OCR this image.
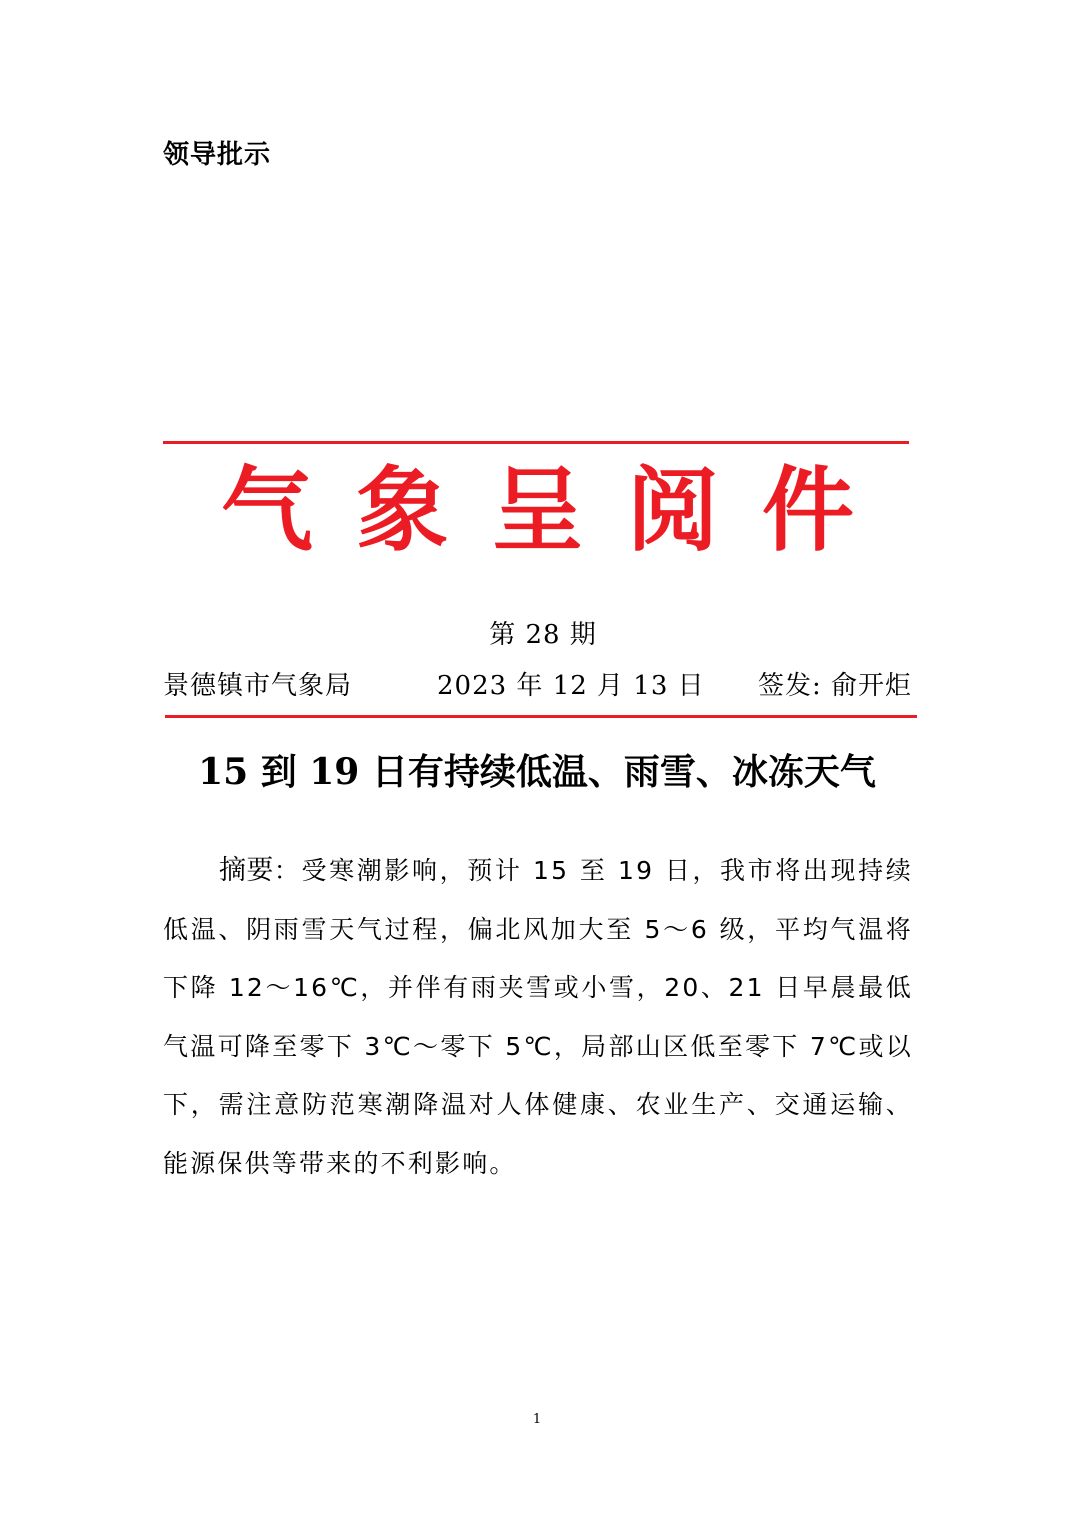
领导批示
气 象 呈 阅 件
第 28 期
景德镇市气象局	2023 年 12 月 13 日 签发: 俞开炬
15 到 19 日有持续低温、雨雪、冰冻天气

摘要：受寒潮影响，预计 15 至 19 日，我市将出现持续低温、阴雨雪天气过程，偏北风加大至 5～6 级，平均气温将下降 12～16℃，并伴有雨夹雪或小雪，20、21 日早晨最低气温可降至零下 3℃～零下 5℃，局部山区低至零下 7℃或以下，需注意防范寒潮降温对人体健康、农业生产、交通运输、能源保供等带来的不利影响。

1
